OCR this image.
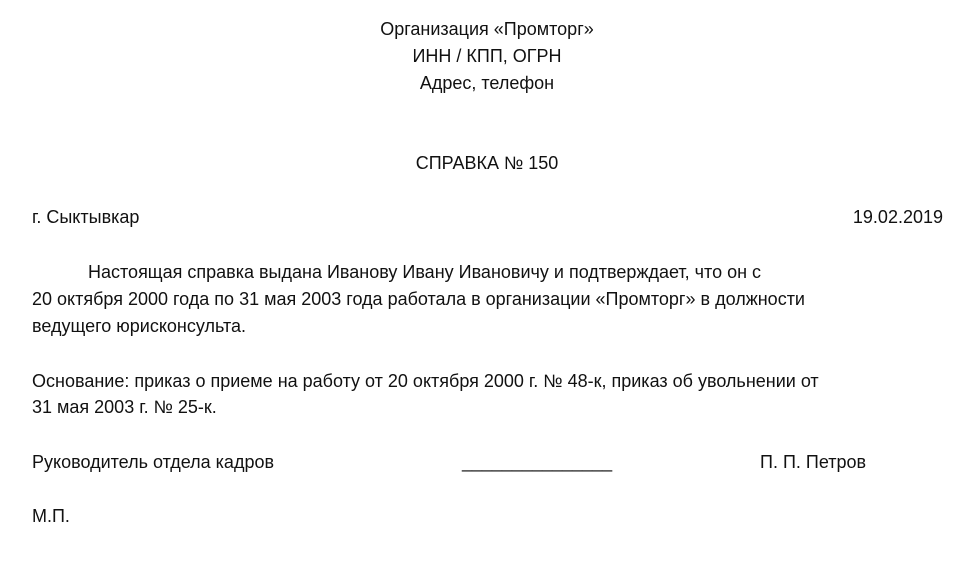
Организация «Промторг»
ИНН / КПП, ОГРН
Адрес, телефон
СПРАВКА № 150
г. Сыктывкар	19.02.2019
Настоящая справка выдана Иванову Ивану Ивановичу и подтверждает, что он с
20 октября 2000 года по 31 мая 2003 года работала в организации «Промторг» в должности
ведущего юрисконсульта.
Основание: приказ о приеме на работу от 20 октября 2000 г. № 48-к, приказ об увольнении от
31 мая 2003 г. № 25-к.
Руководитель отдела кадров	_______________	П. П. Петров
М.П.
